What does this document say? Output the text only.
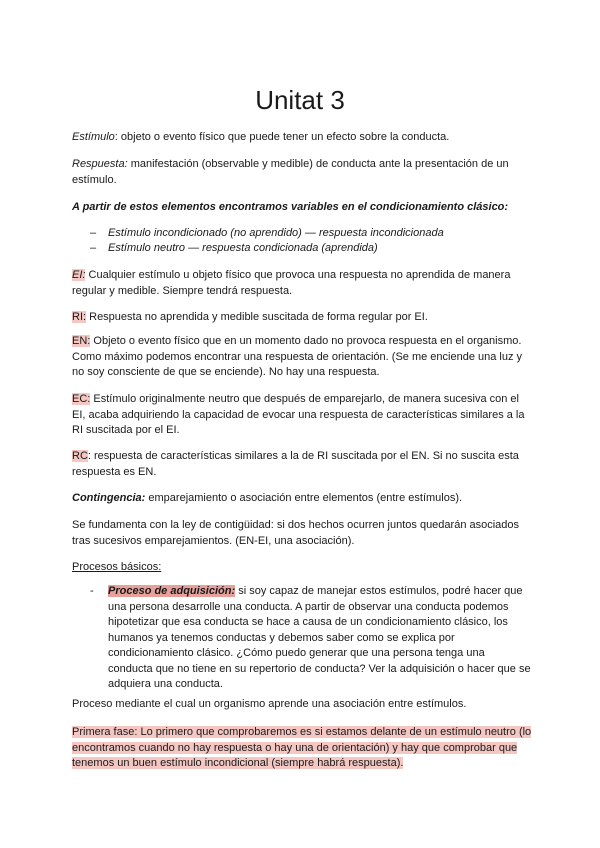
Unitat 3

Estímulo: objeto o evento físico que puede tener un efecto sobre la conducta.

Respuesta: manifestación (observable y medible) de conducta ante la presentación de un estímulo.

A partir de estos elementos encontramos variables en el condicionamiento clásico:

–	Estímulo incondicionado (no aprendido) — respuesta incondicionada
–	Estímulo neutro — respuesta condicionada (aprendida)

EI: Cualquier estímulo u objeto físico que provoca una respuesta no aprendida de manera regular y medible. Siempre tendrá respuesta.

RI: Respuesta no aprendida y medible suscitada de forma regular por EI.

EN: Objeto o evento físico que en un momento dado no provoca respuesta en el organismo. Como máximo podemos encontrar una respuesta de orientación. (Se me enciende una luz y no soy consciente de que se enciende). No hay una respuesta.

EC: Estímulo originalmente neutro que después de emparejarlo, de manera sucesiva con el EI, acaba adquiriendo la capacidad de evocar una respuesta de características similares a la RI suscitada por el EI.

RC: respuesta de características similares a la de RI suscitada por el EN. Si no suscita esta respuesta es EN.

Contingencia: emparejamiento o asociación entre elementos (entre estímulos).

Se fundamenta con la ley de contigüidad: si dos hechos ocurren juntos quedarán asociados tras sucesivos emparejamientos. (EN-EI, una asociación).

Procesos básicos:

- Proceso de adquisición: si soy capaz de manejar estos estímulos, podré hacer que una persona desarrolle una conducta. A partir de observar una conducta podemos hipotetizar que esa conducta se hace a causa de un condicionamiento clásico, los humanos ya tenemos conductas y debemos saber como se explica por condicionamiento clásico. ¿Cómo puedo generar que una persona tenga una conducta que no tiene en su repertorio de conducta? Ver la adquisición o hacer que se adquiera una conducta.

Proceso mediante el cual un organismo aprende una asociación entre estímulos.

Primera fase: Lo primero que comprobaremos es si estamos delante de un estímulo neutro (lo encontramos cuando no hay respuesta o hay una de orientación) y hay que comprobar que tenemos un buen estímulo incondicional (siempre habrá respuesta).
